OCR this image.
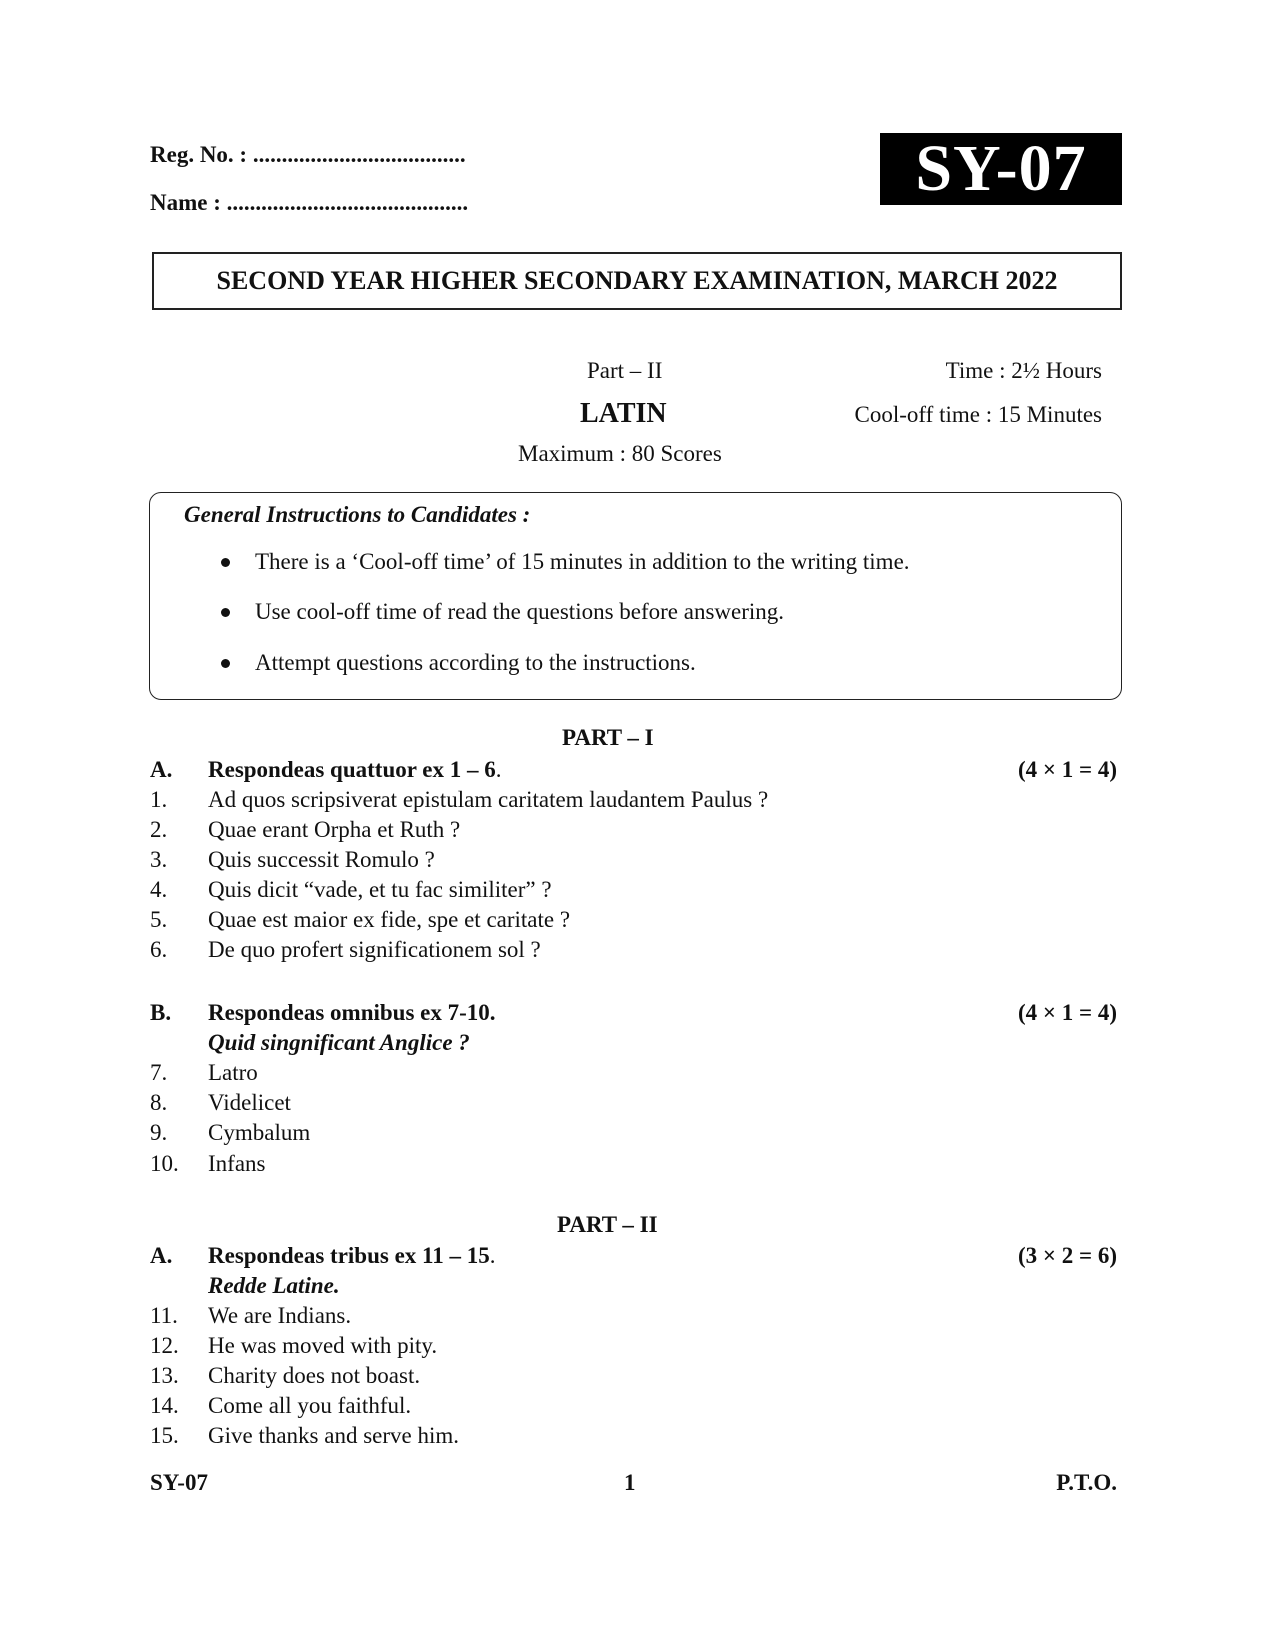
Reg. No. : .....................................
Name : ..........................................	SY-07
SECOND YEAR HIGHER SECONDARY EXAMINATION, MARCH 2022
Part – II	Time : 2½ Hours
LATIN	Cool-off time : 15 Minutes
Maximum : 80 Scores
General Instructions to Candidates :
There is a ‘Cool-off time’ of 15 minutes in addition to the writing time.
Use cool-off time of read the questions before answering.
Attempt questions according to the instructions.
PART – I
A. Respondeas quattuor ex 1 – 6.	(4 × 1 = 4)
1. Ad quos scripsiverat epistulam caritatem laudantem Paulus ?
2. Quae erant Orpha et Ruth ?
3. Quis successit Romulo ?
4. Quis dicit “vade, et tu fac similiter” ?
5. Quae est maior ex fide, spe et caritate ?
6. De quo profert significationem sol ?
B. Respondeas omnibus ex 7-10.	(4 × 1 = 4)
Quid singnificant Anglice ?
7. Latro
8. Videlicet
9. Cymbalum
10. Infans
PART – II
A. Respondeas tribus ex 11 – 15.	(3 × 2 = 6)
Redde Latine.
11. We are Indians.
12. He was moved with pity.
13. Charity does not boast.
14. Come all you faithful.
15. Give thanks and serve him.
SY-07	1	P.T.O.
